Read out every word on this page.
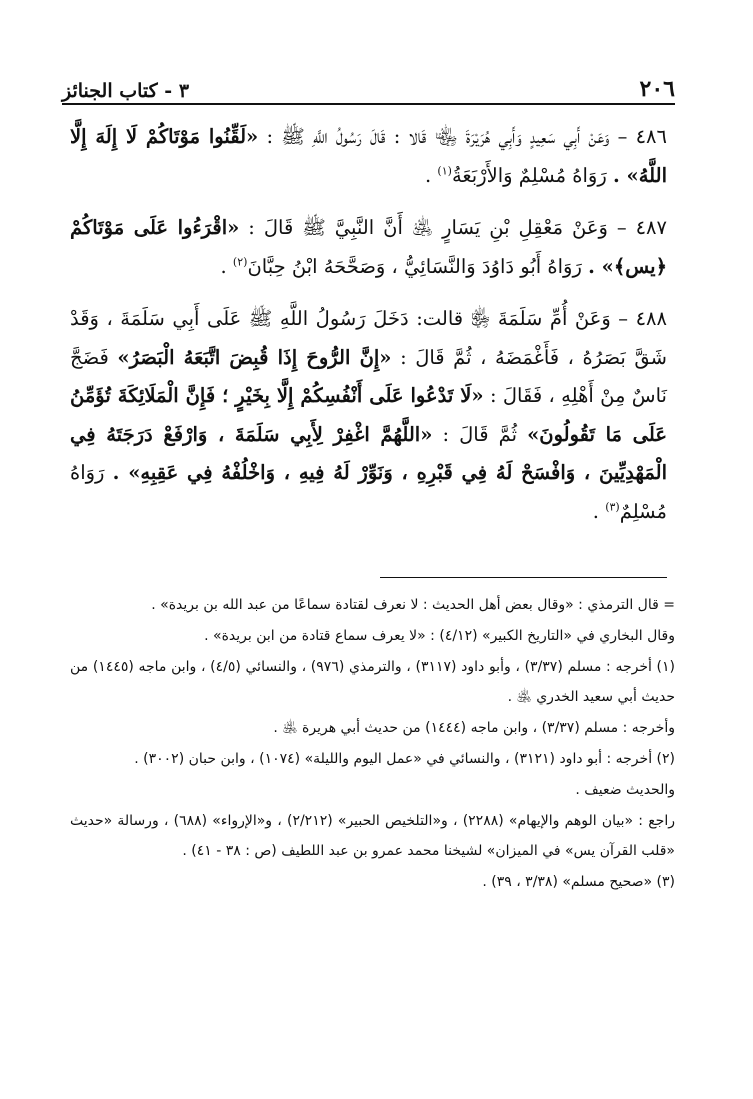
٢٠٦
٣ - كتاب الجنائز

٤٨٦ – وَعَنْ أَبِي سَعِيدٍ وَأَبِي هُرَيْرَةَ ﵄ قَالا : قَالَ رَسُولُ اللَّهِ ﷺ : «لَقِّنُوا مَوْتَاكُمْ لَا إِلَهَ إِلَّا اللَّهُ» . رَوَاهُ مُسْلِمٌ وَالأَرْبَعَةُ$^{(١)}$ .

٤٨٧ – وَعَنْ مَعْقِلِ بْنِ يَسَارٍ ﵁ أَنَّ النَّبِيَّ ﷺ قَالَ : «اقْرَءُوا عَلَى مَوْتَاكُمْ ﴿يس﴾» . رَوَاهُ أَبُو دَاوُدَ وَالنَّسَائِيُّ ، وَصَحَّحَهُ ابْنُ حِبَّانَ$^{(٢)}$ .

٤٨٨ – وَعَنْ أُمِّ سَلَمَةَ ﵂ قالت: دَخَلَ رَسُولُ اللَّهِ ﷺ عَلَى أَبِي سَلَمَةَ ، وَقَدْ شَقَّ بَصَرُهُ ، فَأَغْمَضَهُ ، ثُمَّ قَالَ : «إِنَّ الرُّوحَ إِذَا قُبِضَ اتَّبَعَهُ الْبَصَرُ» فَضَجَّ نَاسٌ مِنْ أَهْلِهِ ، فَقَالَ : «لَا تَدْعُوا عَلَى أَنْفُسِكُمْ إِلَّا بِخَيْرٍ ؛ فَإِنَّ الْمَلَائِكَةَ تُؤَمِّنُ عَلَى مَا تَقُولُونَ» ثُمَّ قَالَ : «اللَّهُمَّ اغْفِرْ لِأَبِي سَلَمَةَ ، وَارْفَعْ دَرَجَتَهُ فِي الْمَهْدِيِّينَ ، وَافْسَحْ لَهُ فِي قَبْرِهِ ، وَنَوِّرْ لَهُ فِيهِ ، وَاخْلُفْهُ فِي عَقِبِهِ» . رَوَاهُ مُسْلِمٌ$^{(٣)}$ .

= قال الترمذي : «وقال بعض أهل الحديث : لا نعرف لقتادة سماعًا من عبد الله بن بريدة» .

وقال البخاري في «التاريخ الكبير» (٤/١٢) : «لا يعرف سماع قتادة من ابن بريدة» .

(١) أخرجه : مسلم (٣/٣٧) ، وأبو داود (٣١١٧) ، والترمذي (٩٧٦) ، والنسائي (٤/٥) ، وابن ماجه (١٤٤٥) من حديث أبي سعيد الخدري ﵁ .

وأخرجه : مسلم (٣/٣٧) ، وابن ماجه (١٤٤٤) من حديث أبي هريرة ﵁ .

(٢) أخرجه : أبو داود (٣١٢١) ، والنسائي في «عمل اليوم والليلة» (١٠٧٤) ، وابن حبان (٣٠٠٢) .

والحديث ضعيف .

راجع : «بيان الوهم والإيهام» (٢٢٨٨) ، و«التلخيص الحبير» (٢/٢١٢) ، و«الإرواء» (٦٨٨) ، ورسالة «حديث «قلب القرآن يس» في الميزان» لشيخنا محمد عمرو بن عبد اللطيف (ص : ٣٨ - ٤١) .

(٣) «صحيح مسلم» (٣/٣٨ ، ٣٩) .
